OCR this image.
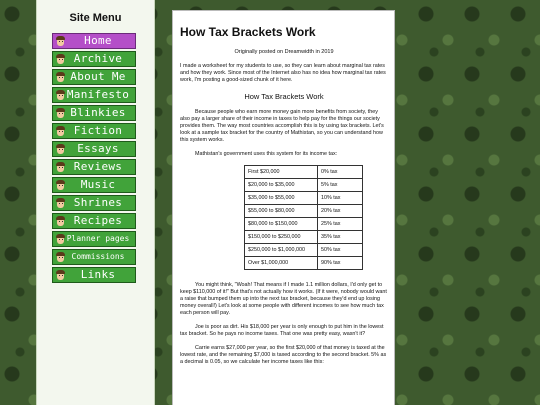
Site Menu
Home
Archive
About Me
Manifesto
Blinkies
Fiction
Essays
Reviews
Music
Shrines
Recipes
Planner pages
Commissions
Links
How Tax Brackets Work
Originally posted on Dreamwidth in 2019

I made a worksheet for my students to use, so they can learn about marginal tax rates and how they work. Since most of the Internet also has no idea how marginal tax rates work, I'm posting a good-sized chunk of it here.

How Tax Brackets Work

Because people who earn more money gain more benefits from society, they also pay a larger share of their income in taxes to help pay for the things our society provides them. The way most countries accomplish this is by using tax brackets. Let's look at a sample tax bracket for the country of Mathistan, so you can understand how this system works.

Mathistan's government uses this system for its income tax:

First $20,000	0% tax
$20,000 to $35,000	5% tax
$35,000 to $55,000	10% tax
$55,000 to $80,000	20% tax
$80,000 to $150,000	25% tax
$150,000 to $250,000	35% tax
$250,000 to $1,000,000	50% tax
Over $1,000,000	90% tax

You might think, "Woah! That means if I made 1.1 million dollars, I'd only get to keep $110,000 of it!" But that's not actually how it works. (If it were, nobody would want a raise that bumped them up into the next tax bracket, because they'd end up losing money overall!) Let's look at some people with different incomes to see how much tax each person will pay.

Joe is poor as dirt. His $18,000 per year is only enough to put him in the lowest tax bracket. So he pays no income taxes. That one was pretty easy, wasn't it?

Carrie earns $27,000 per year, so the first $20,000 of that money is taxed at the lowest rate, and the remaining $7,000 is taxed according to the second bracket. 5% as a decimal is 0.05, so we calculate her income taxes like this:
